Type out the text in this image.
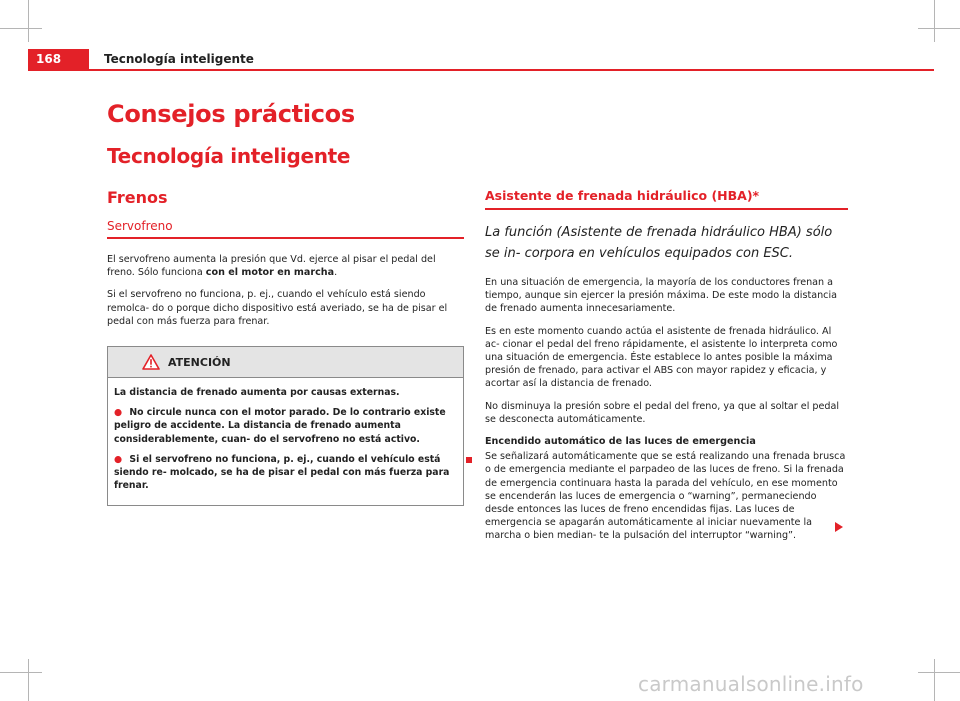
168	Tecnología inteligente
Consejos prácticos
Tecnología inteligente
Frenos
Servofreno

El servofreno aumenta la presión que Vd. ejerce al pisar el pedal del freno. Sólo funciona con el motor en marcha.

Si el servofreno no funciona, p. ej., cuando el vehículo está siendo remolca- do o porque dicho dispositivo está averiado, se ha de pisar el pedal con más fuerza para frenar.

ATENCIÓN

La distancia de frenado aumenta por causas externas.

● No circule nunca con el motor parado. De lo contrario existe peligro de accidente. La distancia de frenado aumenta considerablemente, cuan- do el servofreno no está activo.

● Si el servofreno no funciona, p. ej., cuando el vehículo está siendo re- molcado, se ha de pisar el pedal con más fuerza para frenar.

Asistente de frenada hidráulico (HBA)*
La función (Asistente de frenada hidráulico HBA) sólo se in- corpora en vehículos equipados con ESC.

En una situación de emergencia, la mayoría de los conductores frenan a tiempo, aunque sin ejercer la presión máxima. De este modo la distancia de frenado aumenta innecesariamente.

Es en este momento cuando actúa el asistente de frenada hidráulico. Al ac- cionar el pedal del freno rápidamente, el asistente lo interpreta como una situación de emergencia. Éste establece lo antes posible la máxima presión de frenado, para activar el ABS con mayor rapidez y eficacia, y acortar así la distancia de frenado.

No disminuya la presión sobre el pedal del freno, ya que al soltar el pedal se desconecta automáticamente.

Encendido automático de las luces de emergencia

Se señalizará automáticamente que se está realizando una frenada brusca o de emergencia mediante el parpadeo de las luces de freno. Si la frenada de emergencia continuara hasta la parada del vehículo, en ese momento se encenderán las luces de emergencia o “warning”, permaneciendo desde entonces las luces de freno encendidas fijas. Las luces de emergencia se apagarán automáticamente al iniciar nuevamente la marcha o bien median- te la pulsación del interruptor “warning”.

carmanualsonline.info
